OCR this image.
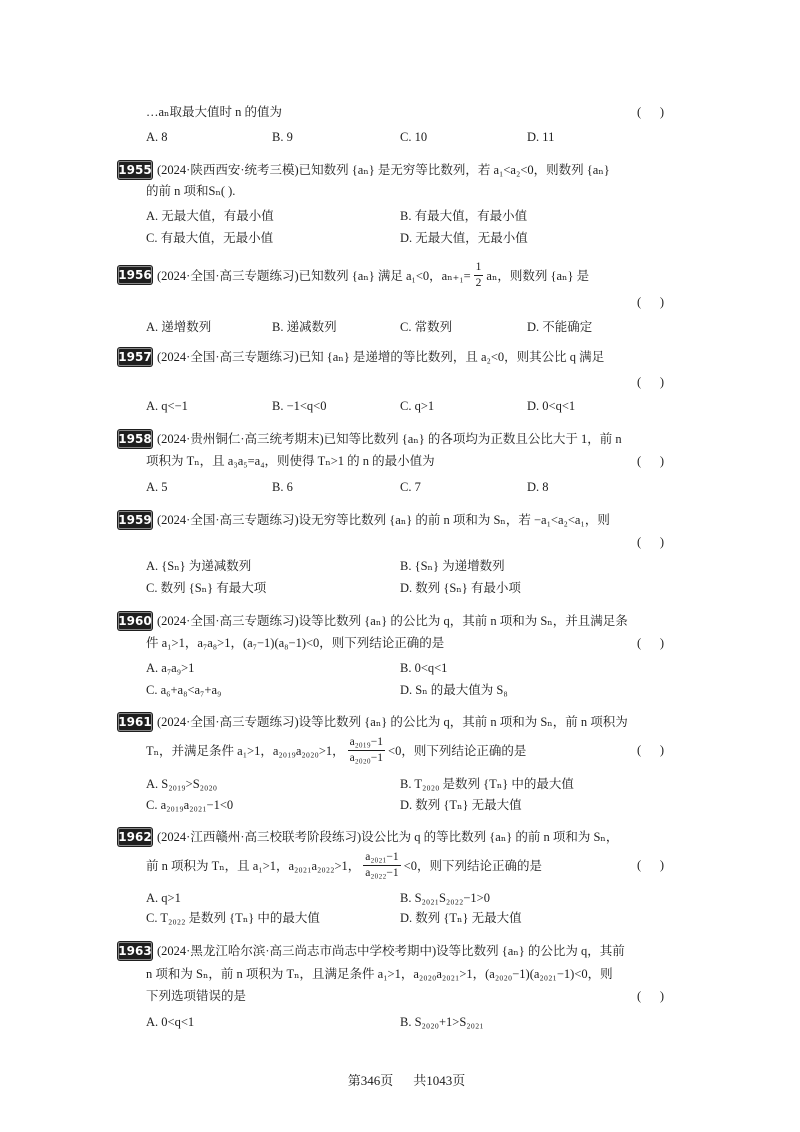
…aₙ取最大值时 n 的值为	(      )
A. 8	B. 9	C. 10	D. 11
1955 (2024·陕西西安·统考三模)已知数列 {aₙ} 是无穷等比数列，若 a₁<a₂<0，则数列 {aₙ}
的前 n 项和Sₙ( ).
A. 无最大值，有最小值	B. 有最大值，有最小值
C. 有最大值，无最小值	D. 无最大值，无最小值
1956 (2024·全国·高三专题练习)已知数列 {aₙ} 满足 a₁<0，$a_{n+1}= \frac{1}{2}$ aₙ，则数列 {aₙ} 是
(      )
A. 递增数列	B. 递减数列	C. 常数列	D. 不能确定
1957 (2024·全国·高三专题练习)已知 {aₙ} 是递增的等比数列，且 a₂<0，则其公比 q 满足
(      )
A. q<−1	B. −1<q<0	C. q>1	D. 0<q<1
1958 (2024·贵州铜仁·高三统考期末)已知等比数列 {aₙ} 的各项均为正数且公比大于 1，前 n
项积为 Tₙ，且 a₃a₅=a₄，则使得 Tₙ>1 的 n 的最小值为	(      )
A. 5	B. 6	C. 7	D. 8
1959 (2024·全国·高三专题练习)设无穷等比数列 {aₙ} 的前 n 项和为 Sₙ，若 −a₁<a₂<a₁，则
(      )
A. {Sₙ} 为递减数列	B. {Sₙ} 为递增数列
C. 数列 {Sₙ} 有最大项	D. 数列 {Sₙ} 有最小项
1960 (2024·全国·高三专题练习)设等比数列 {aₙ} 的公比为 q，其前 n 项和为 Sₙ，并且满足条
件 a₁>1，a₇a₈>1，(a₇−1)(a₈−1)<0，则下列结论正确的是	(      )
A. a₇a₉>1	B. 0<q<1
C. a₆+a₈<a₇+a₉	D. Sₙ 的最大值为 S₈
1961 (2024·全国·高三专题练习)设等比数列 {aₙ} 的公比为 q，其前 n 项和为 Sₙ，前 n 项积为
Tₙ，并满足条件 a₁>1，a₂₀₁₉a₂₀₂₀>1， $\frac{\text{a₂₀₁₉−1}}{\text{a₂₀₂₀−1}} <0$，则下列结论正确的是	(      )
A. S₂₀₁₉>S₂₀₂₀	B. T₂₀₂₀ 是数列 {Tₙ} 中的最大值
C. a₂₀₁₉a₂₀₂₁−1<0	D. 数列 {Tₙ} 无最大值
1962 (2024·江西赣州·高三校联考阶段练习)设公比为 q 的等比数列 {aₙ} 的前 n 项和为 Sₙ，
前 n 项积为 Tₙ，且 a₁>1，a₂₀₂₁a₂₀₂₂>1， $\frac{\text{a₂₀₂₁−1}}{\text{a₂₀₂₂−1}} <0$，则下列结论正确的是	(      )
A. q>1	B. S₂₀₂₁S₂₀₂₂−1>0
C. T₂₀₂₂ 是数列 {Tₙ} 中的最大值	D. 数列 {Tₙ} 无最大值
1963 (2024·黑龙江哈尔滨·高三尚志市尚志中学校考期中)设等比数列 {aₙ} 的公比为 q，其前
n 项和为 Sₙ，前 n 项积为 Tₙ，且满足条件 a₁>1，a₂₀₂₀a₂₀₂₁>1，(a₂₀₂₀−1)(a₂₀₂₁−1)<0，则
下列选项错误的是	(      )
A. 0<q<1	B. S₂₀₂₀+1>S₂₀₂₁

第346页 共1043页
